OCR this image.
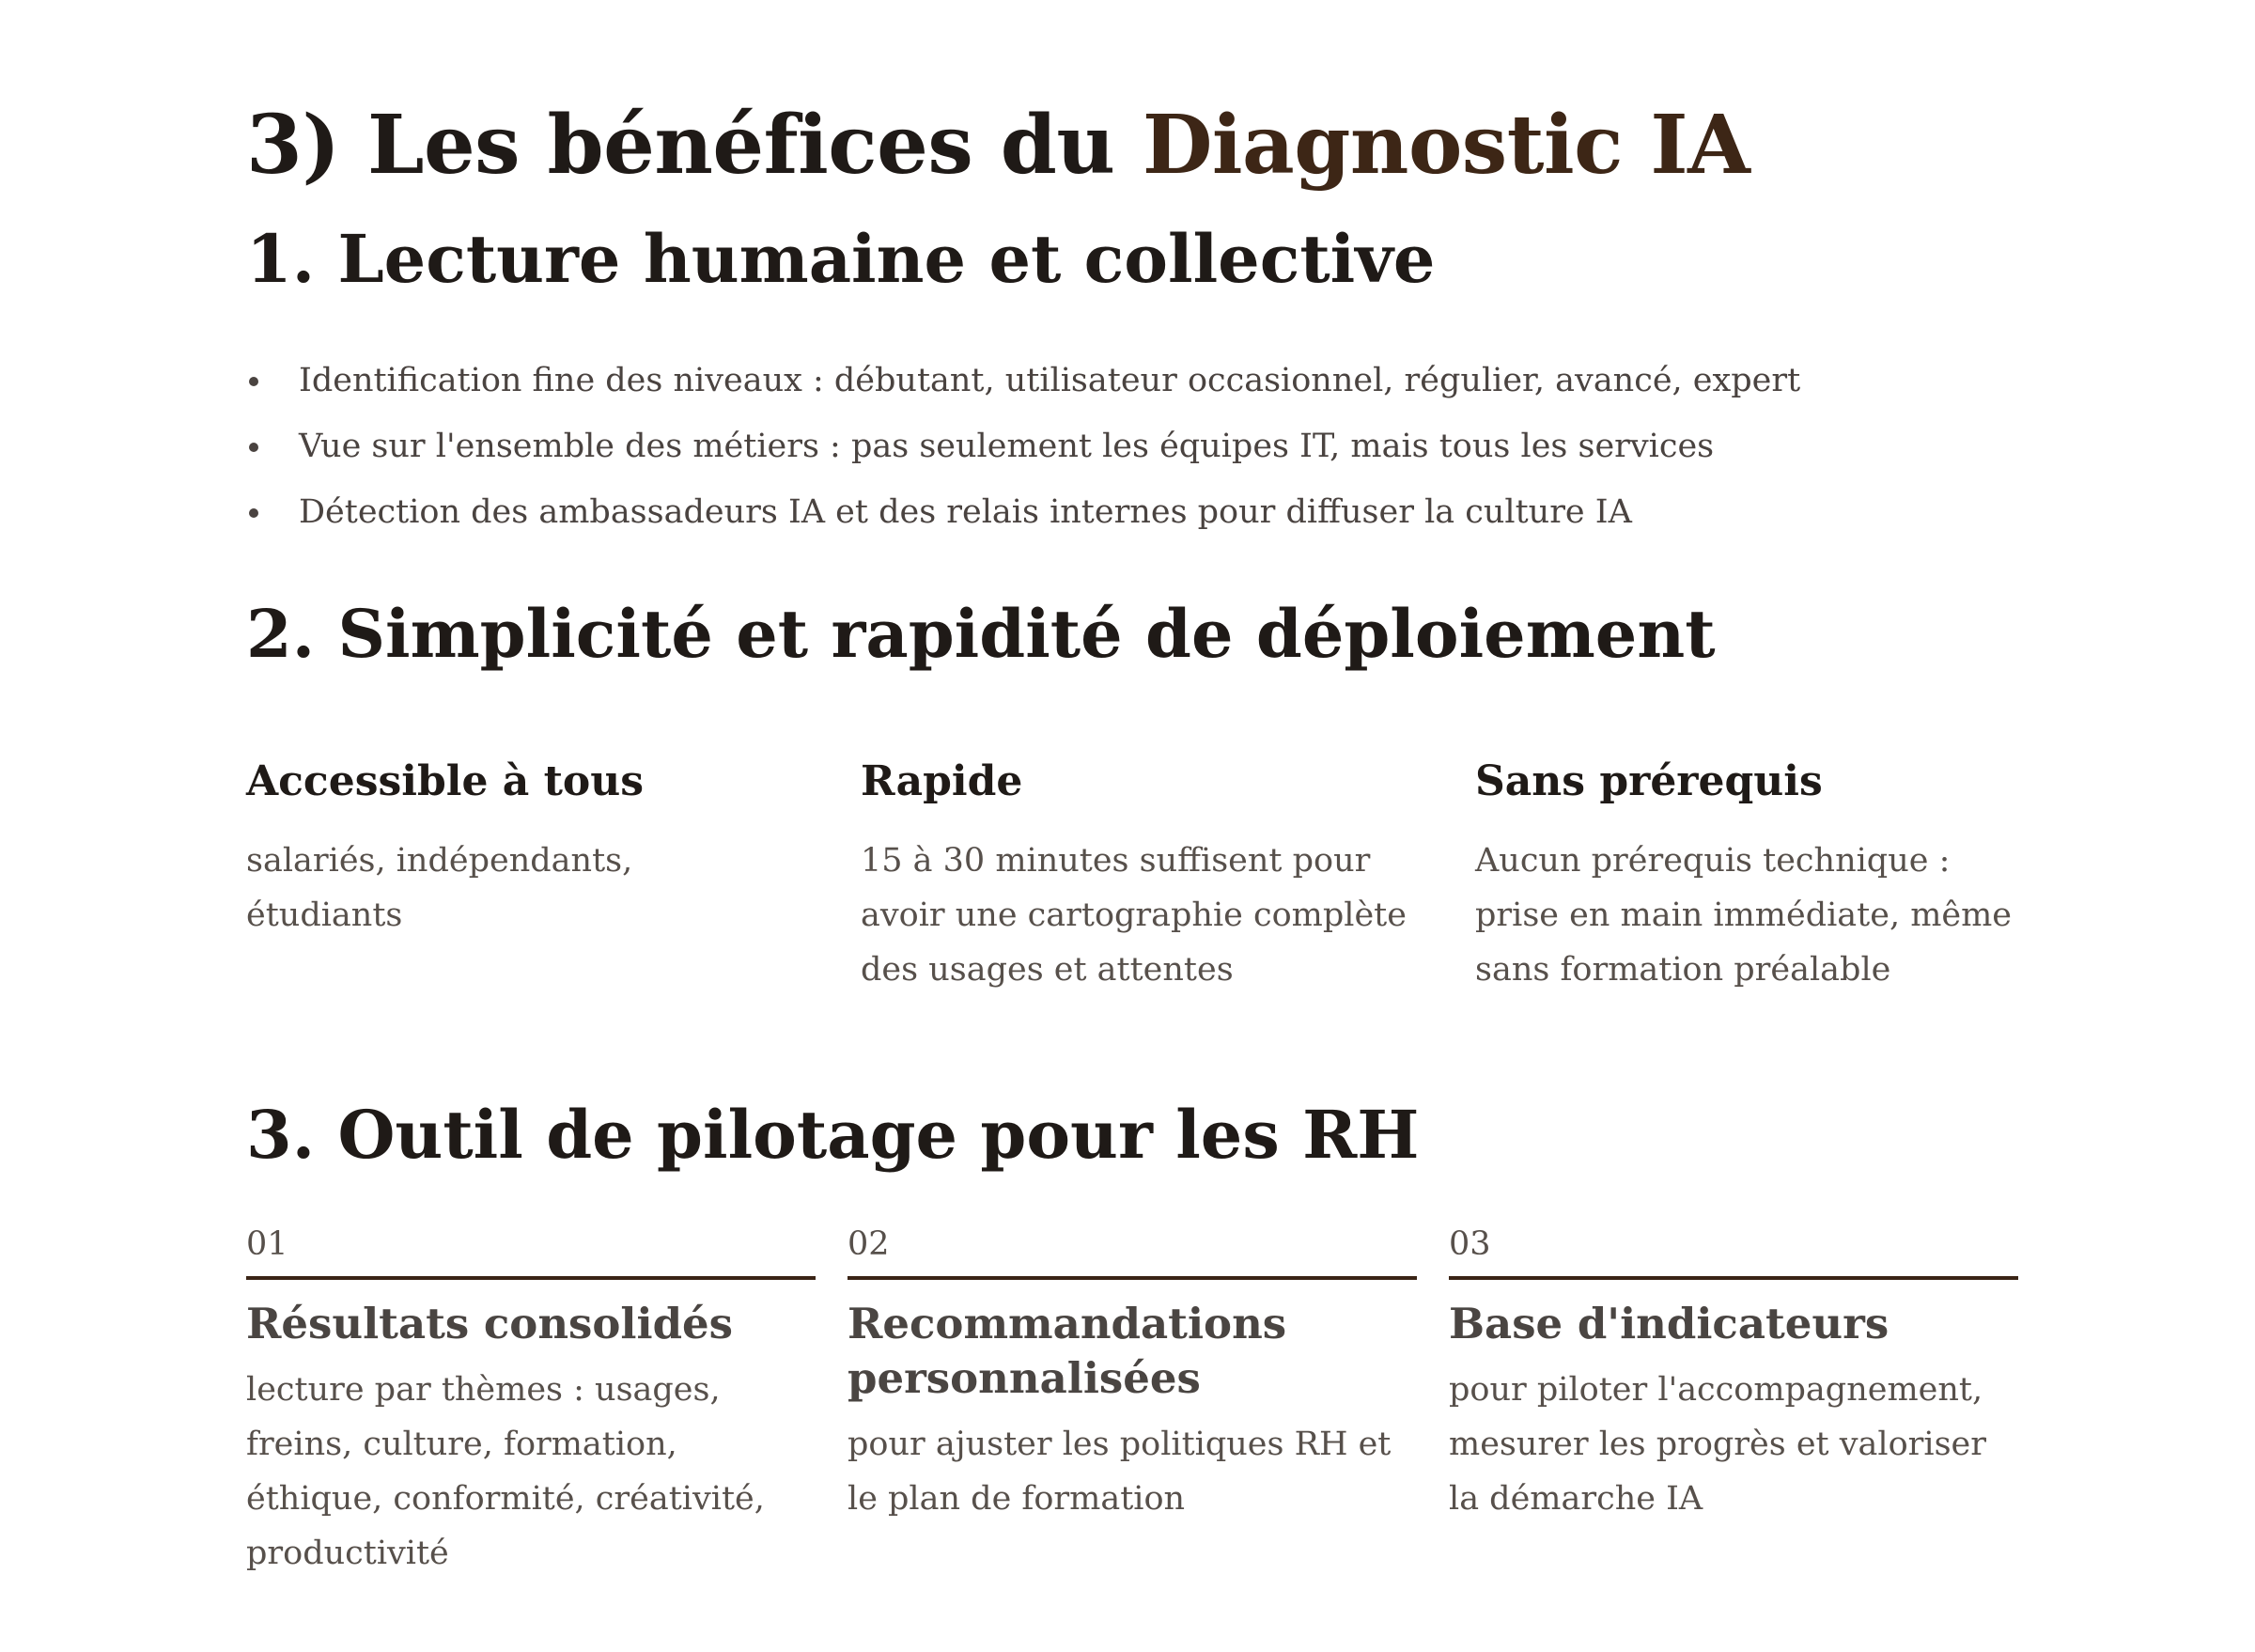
3) Les bénéfices du Diagnostic IA
1. Lecture humaine et collective
Identification fine des niveaux : débutant, utilisateur occasionnel, régulier, avancé, expert
Vue sur l'ensemble des métiers : pas seulement les équipes IT, mais tous les services
Détection des ambassadeurs IA et des relais internes pour diffuser la culture IA
2. Simplicité et rapidité de déploiement
Accessible à tous

salariés, indépendants, étudiants

Rapide

15 à 30 minutes suffisent pour avoir une cartographie complète des usages et attentes

Sans prérequis

Aucun prérequis technique : prise en main immédiate, même sans formation préalable

3. Outil de pilotage pour les RH
01
Résultats consolidés

lecture par thèmes : usages, freins, culture, formation, éthique, conformité, créativité, productivité

02
Recommandations personnalisées

pour ajuster les politiques RH et le plan de formation

03
Base d'indicateurs

pour piloter l'accompagnement, mesurer les progrès et valoriser la démarche IA
